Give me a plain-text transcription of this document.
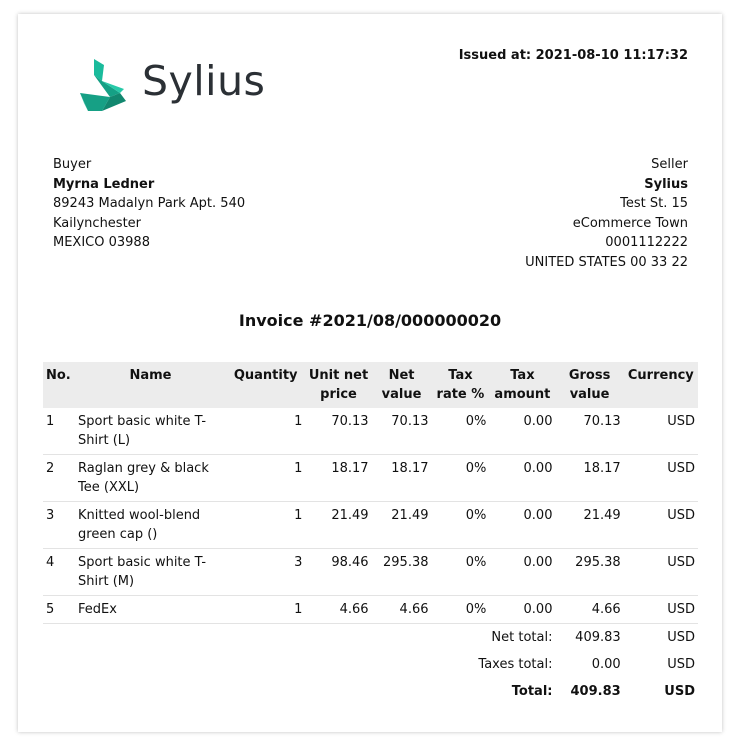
Sylius
Issued at: 2021-08-10 11:17:32
Buyer
Myrna Ledner
89243 Madalyn Park Apt. 540
Kailynchester
MEXICO 03988
Seller
Sylius
Test St. 15
eCommerce Town
0001112222
UNITED STATES 00 33 22
Invoice #2021/08/000000020
No.	Name	Quantity	Unit net price	Net value	Tax rate %	Tax amount	Gross value	Currency
1	Sport basic white T-Shirt (L)	1	70.13	70.13	0%	0.00	70.13	USD
2	Raglan grey & black Tee (XXL)	1	18.17	18.17	0%	0.00	18.17	USD
3	Knitted wool-blend green cap ()	1	21.49	21.49	0%	0.00	21.49	USD
4	Sport basic white T-Shirt (M)	3	98.46	295.38	0%	0.00	295.38	USD
5	FedEx	1	4.66	4.66	0%	0.00	4.66	USD
Net total:							409.83	USD
Taxes total:							0.00	USD
Total:							409.83	USD
